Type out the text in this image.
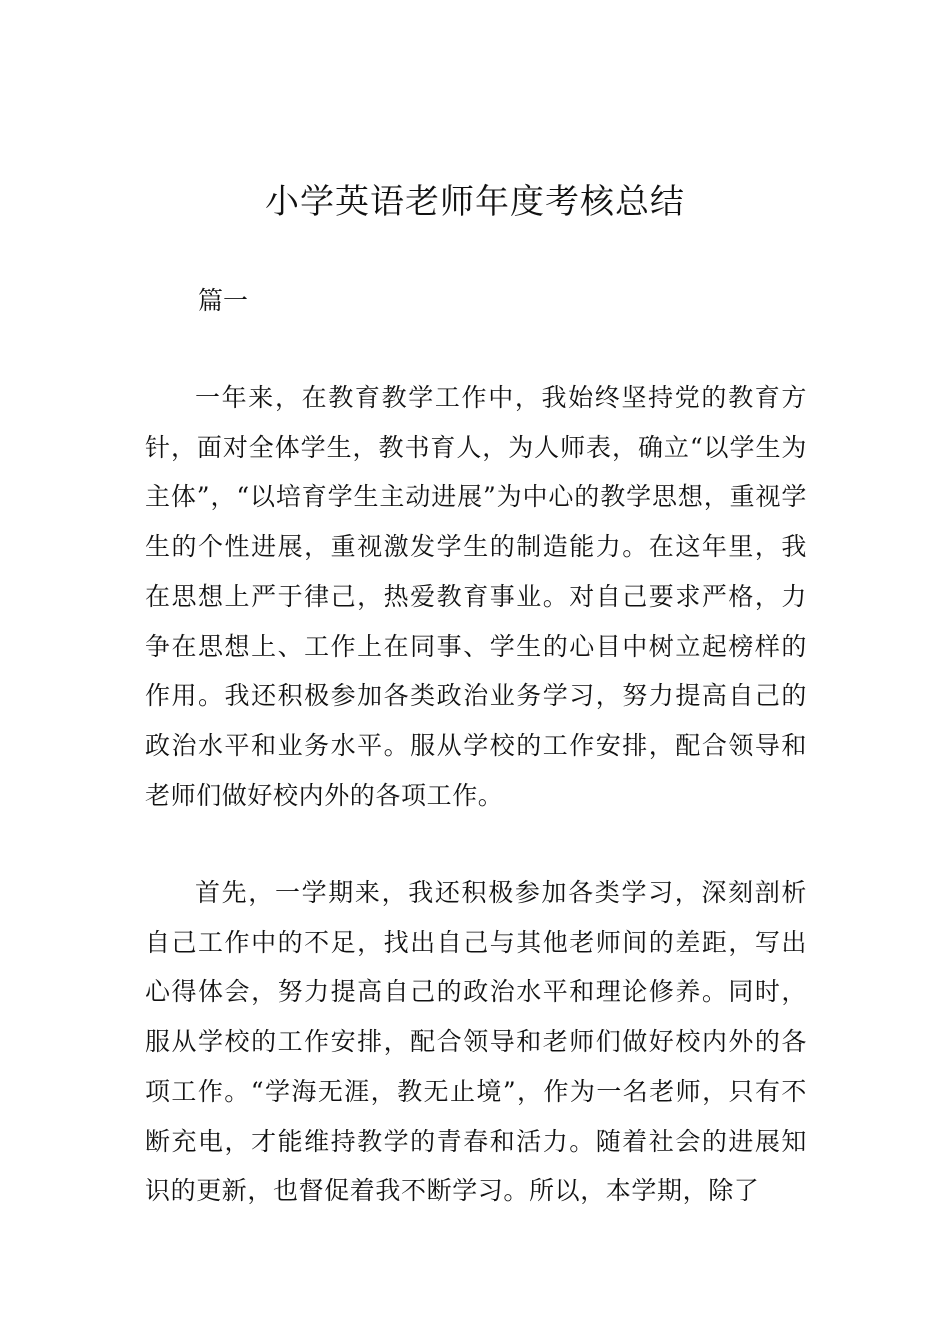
小学英语老师年度考核总结

篇一

一年来，在教育教学工作中，我始终坚持党的教育方针，面对全体学生，教书育人，为人师表，确立“以学生为主体”，“以培育学生主动进展”为中心的教学思想，重视学生的个性进展，重视激发学生的制造能力。在这年里，我在思想上严于律己，热爱教育事业。对自己要求严格，力争在思想上、工作上在同事、学生的心目中树立起榜样的作用。我还积极参加各类政治业务学习，努力提高自己的政治水平和业务水平。服从学校的工作安排，配合领导和老师们做好校内外的各项工作。

首先，一学期来，我还积极参加各类学习，深刻剖析自己工作中的不足，找出自己与其他老师间的差距，写出心得体会，努力提高自己的政治水平和理论修养。同时，服从学校的工作安排，配合领导和老师们做好校内外的各项工作。“学海无涯，教无止境”，作为一名老师，只有不断充电，才能维持教学的青春和活力。随着社会的进展知识的更新，也督促着我不断学习。所以，本学期，除了
